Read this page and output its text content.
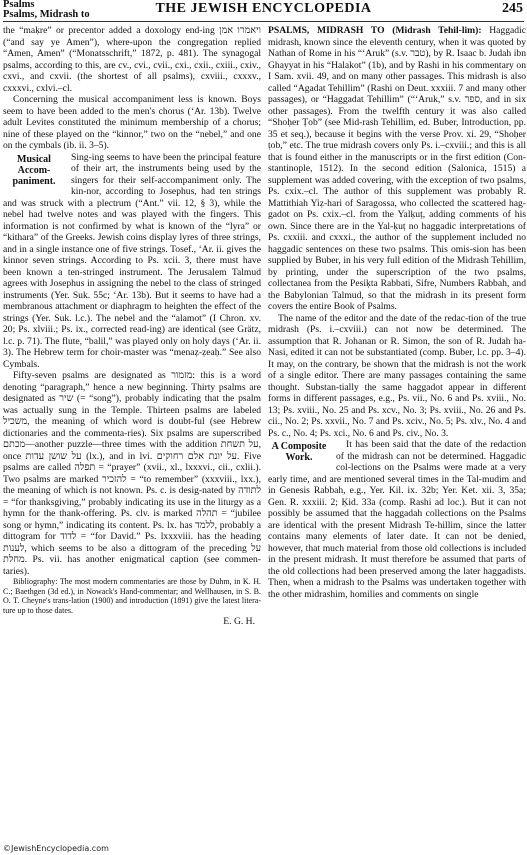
Psalms
Psalms, Midrash to	THE JEWISH ENCYCLOPEDIA	245

the “maḳre” or precentor added a doxology end-ing ויאמרו אמן (“and say ye Amen”), where-upon the congregation replied “Amen, Amen” (“Monatsschrift,” 1872, p. 481). The synagogal psalms, according to this, are cv., cvi., cvii., cxi., cxii., cxiii., cxiv., cxvi., and cxvii. (the shortest of all psalms), cxviii., cxxxv., cxxxvi., cxlvi.–cl.

Concerning the musical accompaniment less is known. Boys seem to have been added to the men's chorus (‘Ar. 13b). Twelve adult Levites constituted the minimum membership of a chorus; nine of these played on the “kinnor,” two on the “nebel,” and one on the cymbals (ib. ii. 3–5).

Musical Accom-paniment.

Sing-ing seems to have been the principal feature of their art, the instruments being used by the singers for their self-accompaniment only. The kin-nor, according to Josephus, had ten strings and was struck with a plectrum (“Ant.” vii. 12, § 3), while the nebel had twelve notes and was played with the fingers. This information is not confirmed by what is known of the “lyra” or “kithara” of the Greeks. Jewish coins display lyres of three strings, and in a single instance one of five strings. Tosef., ‘Ar. ii. gives the kinnor seven strings. According to Ps. xcii. 3, there must have been known a ten-stringed instrument. The Jerusalem Talmud agrees with Josephus in assigning the nebel to the class of stringed instruments (Yer. Suk. 55c; ‘Ar. 13b). But it seems to have had a membranous attachment or diaphragm to heighten the effect of the strings (Yer. Suk. l.c.). The nebel and the “alamot” (I Chron. xv. 20; Ps. xlviii.; Ps. ix., corrected read-ing) are identical (see Grätz, l.c. p. 71). The flute, “balil,” was played only on holy days (‘Ar. ii. 3). The Hebrew term for choir-master was “menaẓ-ẓeaḥ.” See also Cymbals.

Fifty-seven psalms are designated as מזמור: this is a word denoting “paragraph,” hence a new beginning. Thirty psalms are designated as שיר (= “song”), probably indicating that the psalm was actually sung in the Temple. Thirteen psalms are labeled משכיל, the meaning of which word is doubt-ful (see Hebrew dictionaries and the commenta-ries). Six psalms are superscribed מכתם—another puzzle—three times with the addition על תשחת, once על שושן עדות (lx.), and in lvi. על יונת אלם רחוקים. Five psalms are called תפלה = “prayer” (xvii., xl., lxxxvi., cii., cxlii.). Two psalms are marked להזכיר = “to remember” (xxxviii., lxx.), the meaning of which is not known. Ps. c. is desig-nated by לתודה = “for thanksgiving,” probably indicating its use in the liturgy as a hymn for the thank-offering. Ps. clv. is marked תהלה = “jubilee song or hymn,” indicating its content. Ps. lx. has ללמד, probably a dittogram for לדוד = “for David.” Ps. lxxxviii. has the heading לענות, which seems to be also a dittogram of the preceding על מחלת. Ps. vii. has another enigmatical caption (see commen-taries).

Bibliography: The most modern commentaries are those by Duhm, in K. H. C.; Baethgen (3d ed.), in Nowack's Hand-commentar; and Wellhausen, in S. B. O. T. Cheyne's trans-lation (1900) and introduction (1891) give the latest litera-ture up to those dates.

E. G. H.

PSALMS, MIDRASH TO (Midrash Tehil-lim): Haggadic midrash, known since the eleventh century, when it was quoted by Nathan of Rome in his “‘Aruk” (s.v. טבר), by R. Isaac b. Judah ibn Ghayyat in his “Halakot” (1b), and by Rashi in his commentary on I Sam. xvii. 49, and on many other passages. This midrash is also called “Agadat Tehillim” (Rashi on Deut. xxxiii. 7 and many other passages), or “Haggadat Tehillim” (“‘Aruk,” s.v. ספר, and in six other passages). From the twelfth century it was also called “Shoḥer Ṭob” (see Mid-rash Tehillim, ed. Buber, Introduction, pp. 35 et seq.), because it begins with the verse Prov. xi. 29, “Shoḥer ṭob,” etc. The true midrash covers only Ps. i.–cxviii.; and this is all that is found either in the manuscripts or in the first edition (Con-stantinople, 1512). In the second edition (Salonica, 1515) a supplement was added covering, with the exception of two psalms, Ps. cxix.–cl. The author of this supplement was probably R. Mattithiah Yiẓ-hari of Saragossa, who collected the scattered hag-gadot on Ps. cxix.–cl. from the Yalḳuṭ, adding comments of his own. Since there are in the Yal-ḳuṭ no haggadic interpretations of Ps. cxxiii. and cxxxi., the author of the supplement included no haggadic sentences on these two psalms. This omis-sion has been supplied by Buber, in his very full edition of the Midrash Tehillim, by printing, under the superscription of the two psalms, collectanea from the Pesiḳta Rabbati, Sifre, Numbers Rabbah, and the Babylonian Talmud, so that the midrash in its present form covers the entire Book of Psalms.

The name of the editor and the date of the redac-tion of the true midrash (Ps. i.–cxviii.) can not now be determined. The assumption that R. Johanan or R. Simon, the son of R. Judah ha-Nasi, edited it can not be substantiated (comp. Buber, l.c. pp. 3–4). It may, on the contrary, be shown that the midrash is not the work of a single editor. There are many passages containing the same thought. Substan-tially the same haggadot appear in different forms in different passages, e.g., Ps. vii., No. 6 and Ps. xviii., No. 13; Ps. xviii., No. 25 and Ps. xcv., No. 3; Ps. xviii., No. 26 and Ps. cii., No. 2; Ps. xxvii., No. 7 and Ps. xciv., No. 5; Ps. xlv., No. 4 and Ps. c., No. 4; Ps. xci., No. 6 and Ps. civ., No. 3.

A Composite Work.

It has been said that the date of the redaction of the midrash can not be determined. Haggadic col-lections on the Psalms were made at a very early time, and are mentioned several times in the Tal-mudim and in Genesis Rabbah, e.g., Yer. Kil. ix. 32b; Yer. Ket. xii. 3, 35a; Gen. R. xxxiii. 2; Ḳid. 33a (comp. Rashi ad loc.). But it can not possibly be assumed that the haggadah collections on the Psalms are identical with the present Midrash Te-hillim, since the latter contains many elements of later date. It can not be denied, however, that much material from those old collections is included in the present midrash. It must therefore be assumed that parts of the old collections had been preserved among the later haggadists. Then, when a midrash to the Psalms was undertaken together with the other midrashim, homilies and comments on single

©JewishEncyclopedia.com
